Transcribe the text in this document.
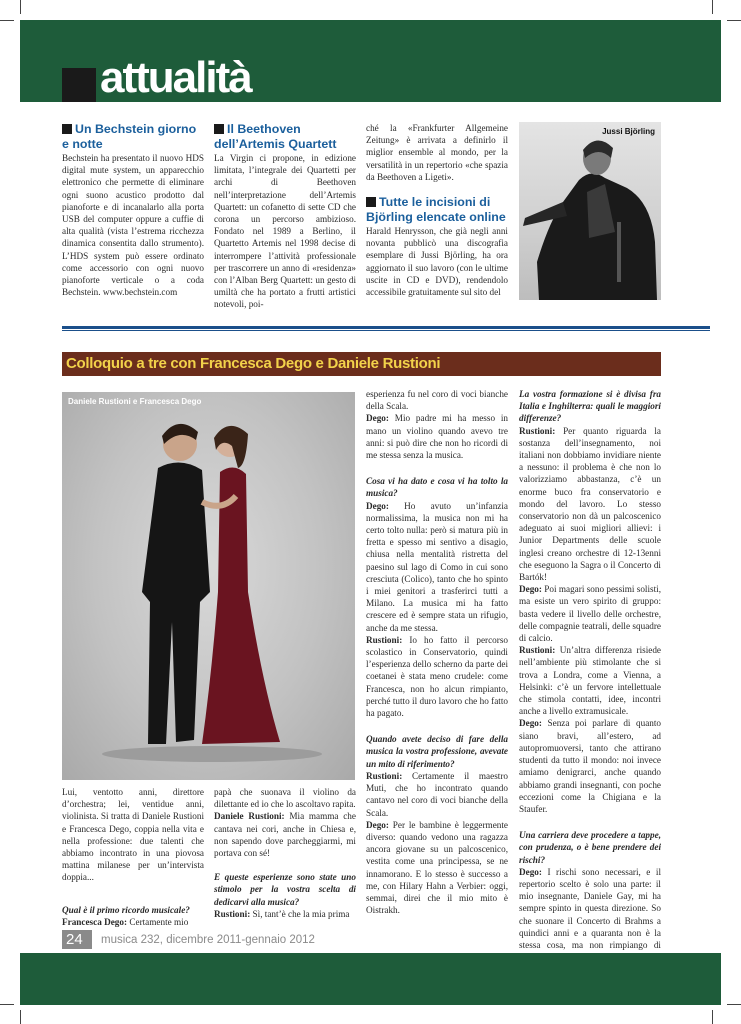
attualità
Un Bechstein giorno e notte

Bechstein ha presentato il nuovo HDS digital mute system, un apparecchio elettronico che permette di eliminare ogni suono acustico prodotto dal pianoforte e di incanalarlo alla porta USB del computer oppure a cuffie di alta qualità (vista l’estrema ricchezza dinamica consentita dallo strumento). L’HDS system può essere ordinato come accessorio con ogni nuovo pianoforte verticale o a coda Bechstein. www.bechstein.com

Il Beethoven dell’Artemis Quartett

La Virgin ci propone, in edizione limitata, l’integrale dei Quartetti per archi di Beethoven nell’interpretazione dell’Artemis Quartett: un cofanetto di sette CD che corona un percorso ambizioso. Fondato nel 1989 a Berlino, il Quartetto Artemis nel 1998 decise di interrompere l’attività professionale per trascorrere un anno di «residenza» con l’Alban Berg Quartett: un gesto di umiltà che ha portato a frutti artistici notevoli, poi-

ché la «Frankfurter Allgemeine Zeitung» è arrivata a definirlo il miglior ensemble al mondo, per la versatilità in un repertorio «che spazia da Beethoven a Ligeti».

Tutte le incisioni di Björling elencate online

Harald Henrysson, che già negli anni novanta pubblicò una discografia esemplare di Jussi Björling, ha ora aggiornato il suo lavoro (con le ultime uscite in CD e DVD), rendendolo accessibile gratuitamente sul sito del

Jussi Björling
Colloquio a tre con Francesca Dego e Daniele Rustioni
Daniele Rustioni e Francesca Dego

Lui, ventotto anni, direttore d’orchestra; lei, ventidue anni, violinista. Si tratta di Daniele Rustioni e Francesca Dego, coppia nella vita e nella professione: due talenti che abbiamo incontrato in una piovosa mattina milanese per un’intervista doppia...

Qual è il primo ricordo musicale?

Francesca Dego: Certamente mio

papà che suonava il violino da dilettante ed io che lo ascoltavo rapita.

Daniele Rustioni: Mia mamma che cantava nei cori, anche in Chiesa e, non sapendo dove parcheggiarmi, mi portava con sé!

E queste esperienze sono state uno stimolo per la vostra scelta di dedicarvi alla musica?

Rustioni: Sì, tant’è che la mia prima

esperienza fu nel coro di voci bianche della Scala.

Dego: Mio padre mi ha messo in mano un violino quando avevo tre anni: si può dire che non ho ricordi di me stessa senza la musica.

Cosa vi ha dato e cosa vi ha tolto la musica?

Dego: Ho avuto un’infanzia normalissima, la musica non mi ha certo tolto nulla: però si matura più in fretta e spesso mi sentivo a disagio, chiusa nella mentalità ristretta del paesino sul lago di Como in cui sono cresciuta (Colico), tanto che ho spinto i miei genitori a trasferirci tutti a Milano. La musica mi ha fatto crescere ed è sempre stata un rifugio, anche da me stessa.

Rustioni: Io ho fatto il percorso scolastico in Conservatorio, quindi l’esperienza dello scherno da parte dei coetanei è stata meno crudele: come Francesca, non ho alcun rimpianto, perché tutto il duro lavoro che ho fatto ha pagato.

Quando avete deciso di fare della musica la vostra professione, avevate un mito di riferimento?

Rustioni: Certamente il maestro Muti, che ho incontrato quando cantavo nel coro di voci bianche della Scala.

Dego: Per le bambine è leggermente diverso: quando vedono una ragazza ancora giovane su un palcoscenico, vestita come una principessa, se ne innamorano. E lo stesso è successo a me, con Hilary Hahn a Verbier: oggi, semmai, direi che il mio mito è Oistrakh.

La vostra formazione si è divisa fra Italia e Inghilterra: quali le maggiori differenze?

Rustioni: Per quanto riguarda la sostanza dell’insegnamento, noi italiani non dobbiamo invidiare niente a nessuno: il problema è che non lo valorizziamo abbastanza, c’è un enorme buco fra conservatorio e mondo del lavoro. Lo stesso conservatorio non dà un palcoscenico adeguato ai suoi migliori allievi: i Junior Departments delle scuole inglesi creano orchestre di 12-13enni che eseguono la Sagra o il Concerto di Bartók!

Dego: Poi magari sono pessimi solisti, ma esiste un vero spirito di gruppo: basta vedere il livello delle orchestre, delle compagnie teatrali, delle squadre di calcio.

Rustioni: Un’altra differenza risiede nell’ambiente più stimolante che si trova a Londra, come a Vienna, a Helsinki: c’è un fervore intellettuale che stimola contatti, idee, incontri anche a livello extramusicale.

Dego: Senza poi parlare di quanto siano bravi, all’estero, ad autopromuoversi, tanto che attirano studenti da tutto il mondo: noi invece amiamo denigrarci, anche quando abbiamo grandi insegnanti, con poche eccezioni come la Chigiana e la Staufer.

Una carriera deve procedere a tappe, con prudenza, o è bene prendere dei rischi?

Dego: I rischi sono necessari, e il repertorio scelto è solo una parte: il mio insegnante, Daniele Gay, mi ha sempre spinto in questa direzione. So che suonare il Concerto di Brahms a quindici anni e a quaranta non è la stessa cosa, ma non rimpiango di

24 musica 232, dicembre 2011-gennaio 2012
